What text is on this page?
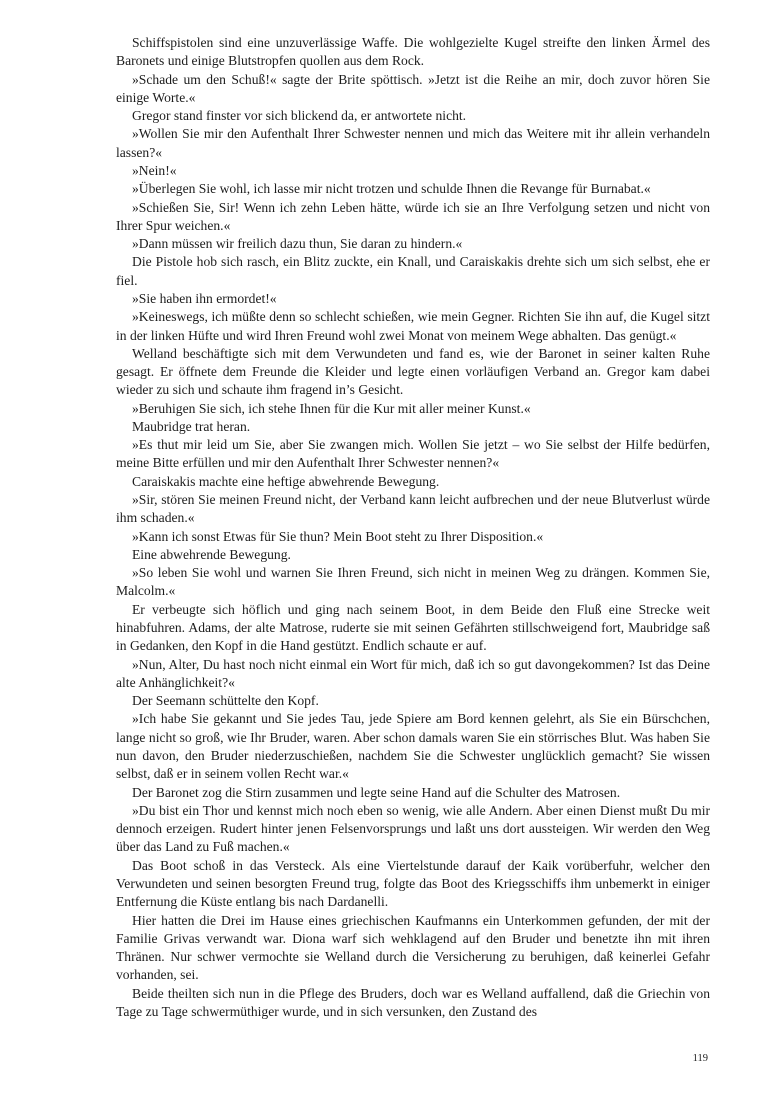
Schiffspistolen sind eine unzuverlässige Waffe. Die wohlgezielte Kugel streifte den linken Ärmel des Baronets und einige Blutstropfen quollen aus dem Rock.

»Schade um den Schuß!« sagte der Brite spöttisch. »Jetzt ist die Reihe an mir, doch zuvor hören Sie einige Worte.«

Gregor stand finster vor sich blickend da, er antwortete nicht.

»Wollen Sie mir den Aufenthalt Ihrer Schwester nennen und mich das Weitere mit ihr allein verhandeln lassen?«

»Nein!«

»Überlegen Sie wohl, ich lasse mir nicht trotzen und schulde Ihnen die Revange für Burnabat.«

»Schießen Sie, Sir! Wenn ich zehn Leben hätte, würde ich sie an Ihre Verfolgung setzen und nicht von Ihrer Spur weichen.«

»Dann müssen wir freilich dazu thun, Sie daran zu hindern.«

Die Pistole hob sich rasch, ein Blitz zuckte, ein Knall, und Caraiskakis drehte sich um sich selbst, ehe er fiel.

»Sie haben ihn ermordet!«

»Keineswegs, ich müßte denn so schlecht schießen, wie mein Gegner. Richten Sie ihn auf, die Kugel sitzt in der linken Hüfte und wird Ihren Freund wohl zwei Monat von meinem Wege abhalten. Das genügt.«

Welland beschäftigte sich mit dem Verwundeten und fand es, wie der Baronet in seiner kalten Ruhe gesagt. Er öffnete dem Freunde die Kleider und legte einen vorläufigen Verband an. Gregor kam dabei wieder zu sich und schaute ihm fragend in’s Gesicht.

»Beruhigen Sie sich, ich stehe Ihnen für die Kur mit aller meiner Kunst.«

Maubridge trat heran.

»Es thut mir leid um Sie, aber Sie zwangen mich. Wollen Sie jetzt – wo Sie selbst der Hilfe bedürfen, meine Bitte erfüllen und mir den Aufenthalt Ihrer Schwester nennen?«

Caraiskakis machte eine heftige abwehrende Bewegung.

»Sir, stören Sie meinen Freund nicht, der Verband kann leicht aufbrechen und der neue Blutverlust würde ihm schaden.«

»Kann ich sonst Etwas für Sie thun? Mein Boot steht zu Ihrer Disposition.«

Eine abwehrende Bewegung.

»So leben Sie wohl und warnen Sie Ihren Freund, sich nicht in meinen Weg zu drängen. Kommen Sie, Malcolm.«

Er verbeugte sich höflich und ging nach seinem Boot, in dem Beide den Fluß eine Strecke weit hinabfuhren. Adams, der alte Matrose, ruderte sie mit seinen Gefährten stillschweigend fort, Maubridge saß in Gedanken, den Kopf in die Hand gestützt. Endlich schaute er auf.

»Nun, Alter, Du hast noch nicht einmal ein Wort für mich, daß ich so gut davongekommen? Ist das Deine alte Anhänglichkeit?«

Der Seemann schüttelte den Kopf.

»Ich habe Sie gekannt und Sie jedes Tau, jede Spiere am Bord kennen gelehrt, als Sie ein Bürschchen, lange nicht so groß, wie Ihr Bruder, waren. Aber schon damals waren Sie ein störrisches Blut. Was haben Sie nun davon, den Bruder niederzuschießen, nachdem Sie die Schwester unglücklich gemacht? Sie wissen selbst, daß er in seinem vollen Recht war.«

Der Baronet zog die Stirn zusammen und legte seine Hand auf die Schulter des Matrosen.

»Du bist ein Thor und kennst mich noch eben so wenig, wie alle Andern. Aber einen Dienst mußt Du mir dennoch erzeigen. Rudert hinter jenen Felsenvorsprungs und laßt uns dort aussteigen. Wir werden den Weg über das Land zu Fuß machen.«

Das Boot schoß in das Versteck. Als eine Viertelstunde darauf der Kaik vorüberfuhr, welcher den Verwundeten und seinen besorgten Freund trug, folgte das Boot des Kriegsschiffs ihm unbemerkt in einiger Entfernung die Küste entlang bis nach Dardanelli.

Hier hatten die Drei im Hause eines griechischen Kaufmanns ein Unterkommen gefunden, der mit der Familie Grivas verwandt war. Diona warf sich wehklagend auf den Bruder und benetzte ihn mit ihren Thränen. Nur schwer vermochte sie Welland durch die Versicherung zu beruhigen, daß keinerlei Gefahr vorhanden, sei.

Beide theilten sich nun in die Pflege des Bruders, doch war es Welland auffallend, daß die Griechin von Tage zu Tage schwermüthiger wurde, und in sich versunken, den Zustand des

119
